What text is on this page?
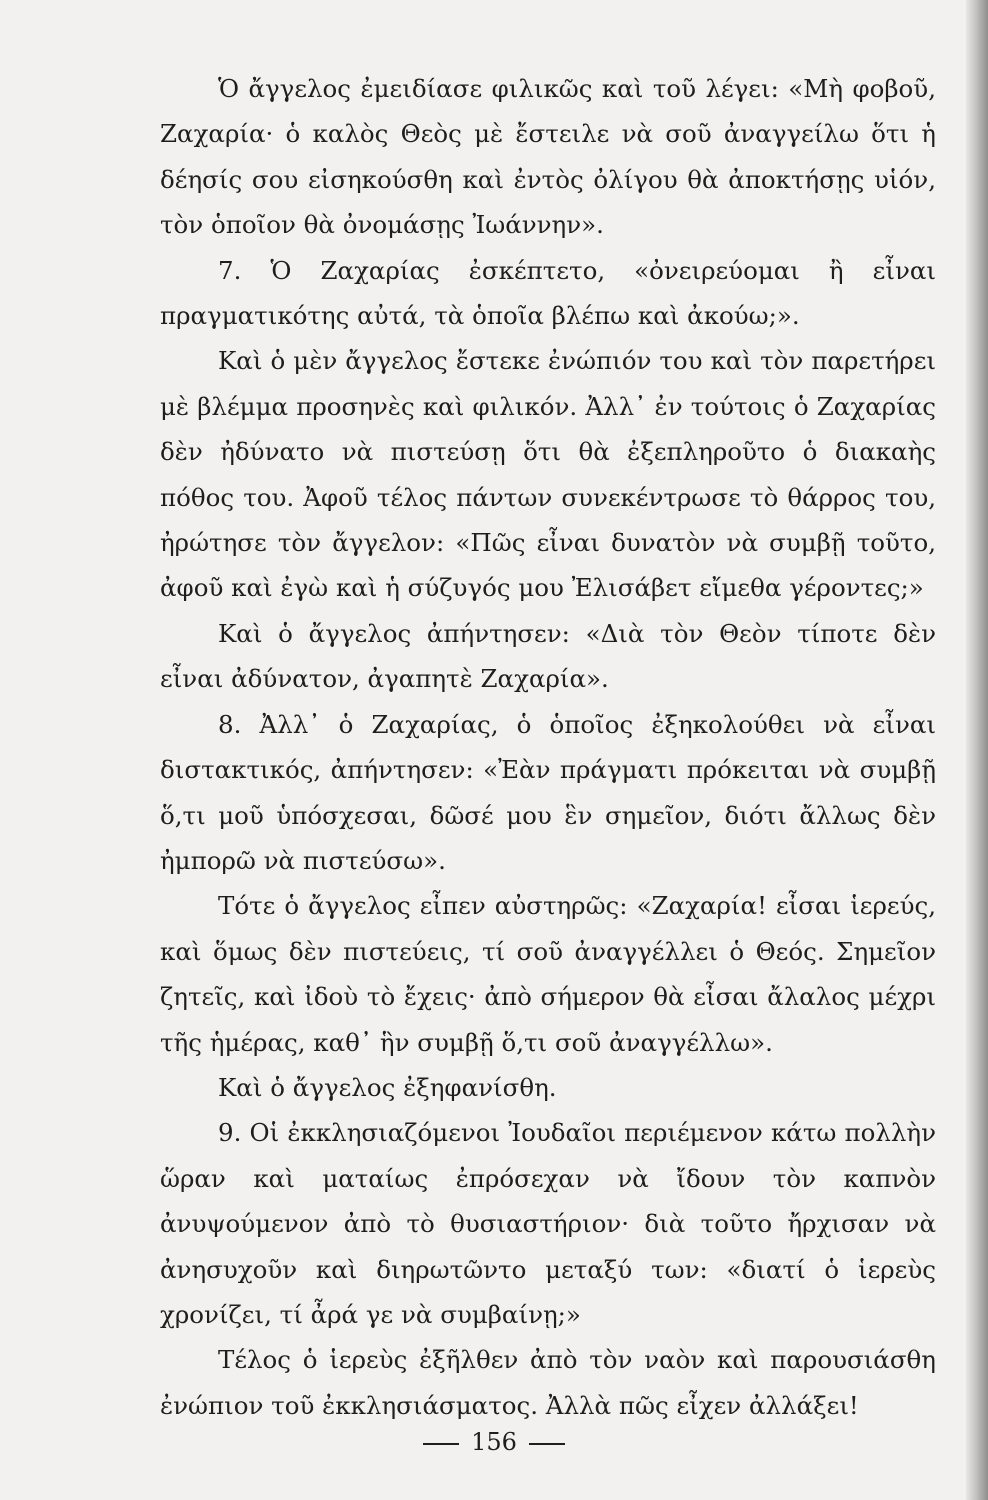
Ὁ ἄγγελος ἐμειδίασε φιλικῶς καὶ τοῦ λέγει: «Μὴ φοβοῦ, Ζαχαρία· ὁ καλὸς Θεὸς μὲ ἔστειλε νὰ σοῦ ἀναγγείλω ὅτι ἡ δέησίς σου εἰσηκούσθη καὶ ἐντὸς ὀλίγου θὰ ἀποκτήσῃς υἱόν, τὸν ὁποῖον θὰ ὀνομάσῃς Ἰωάννην».

7. Ὁ Ζαχαρίας ἐσκέπτετο, «ὀνειρεύομαι ἢ εἶναι πραγματικότης αὐτά, τὰ ὁποῖα βλέπω καὶ ἀκούω;».

Καὶ ὁ μὲν ἄγγελος ἔστεκε ἐνώπιόν του καὶ τὸν παρετήρει μὲ βλέμμα προσηνὲς καὶ φιλικόν. Ἀλλ᾿ ἐν τούτοις ὁ Ζαχαρίας δὲν ἠδύνατο νὰ πιστεύσῃ ὅτι θὰ ἐξεπληροῦτο ὁ διακαὴς πόθος του. Ἀφοῦ τέλος πάντων συνεκέντρωσε τὸ θάρρος του, ἠρώτησε τὸν ἄγγελον: «Πῶς εἶναι δυνατὸν νὰ συμβῇ τοῦτο, ἀφοῦ καὶ ἐγὼ καὶ ἡ σύζυγός μου Ἐλισάβετ εἴμεθα γέροντες;»

Καὶ ὁ ἄγγελος ἀπήντησεν: «Διὰ τὸν Θεὸν τίποτε δὲν εἶναι ἀδύνατον, ἀγαπητὲ Ζαχαρία».

8. Ἀλλ᾿ ὁ Ζαχαρίας, ὁ ὁποῖος ἐξηκολούθει νὰ εἶναι διστακτικός, ἀπήντησεν: «Ἐὰν πράγματι πρόκειται νὰ συμβῇ ὅ,τι μοῦ ὑπόσχεσαι, δῶσέ μου ἓν σημεῖον, διότι ἄλλως δὲν ἠμπορῶ νὰ πιστεύσω».

Τότε ὁ ἄγγελος εἶπεν αὐστηρῶς: «Ζαχαρία! εἶσαι ἱερεύς, καὶ ὅμως δὲν πιστεύεις, τί σοῦ ἀναγγέλλει ὁ Θεός. Σημεῖον ζητεῖς, καὶ ἰδοὺ τὸ ἔχεις· ἀπὸ σήμερον θὰ εἶσαι ἄλαλος μέχρι τῆς ἡμέρας, καθ᾿ ἣν συμβῇ ὅ,τι σοῦ ἀναγγέλλω».

Καὶ ὁ ἄγγελος ἐξηφανίσθη.

9. Οἱ ἐκκλησιαζόμενοι Ἰουδαῖοι περιέμενον κάτω πολλὴν ὥραν καὶ ματαίως ἐπρόσεχαν νὰ ἴδουν τὸν καπνὸν ἀνυψούμενον ἀπὸ τὸ θυσιαστήριον· διὰ τοῦτο ἤρχισαν νὰ ἀνησυχοῦν καὶ διηρωτῶντο μεταξύ των: «διατί ὁ ἱερεὺς χρονίζει, τί ἆρά γε νὰ συμβαίνῃ;»

Τέλος ὁ ἱερεὺς ἐξῆλθεν ἀπὸ τὸν ναὸν καὶ παρουσιάσθη ἐνώπιον τοῦ ἐκκλησιάσματος. Ἀλλὰ πῶς εἶχεν ἀλλάξει!

156
